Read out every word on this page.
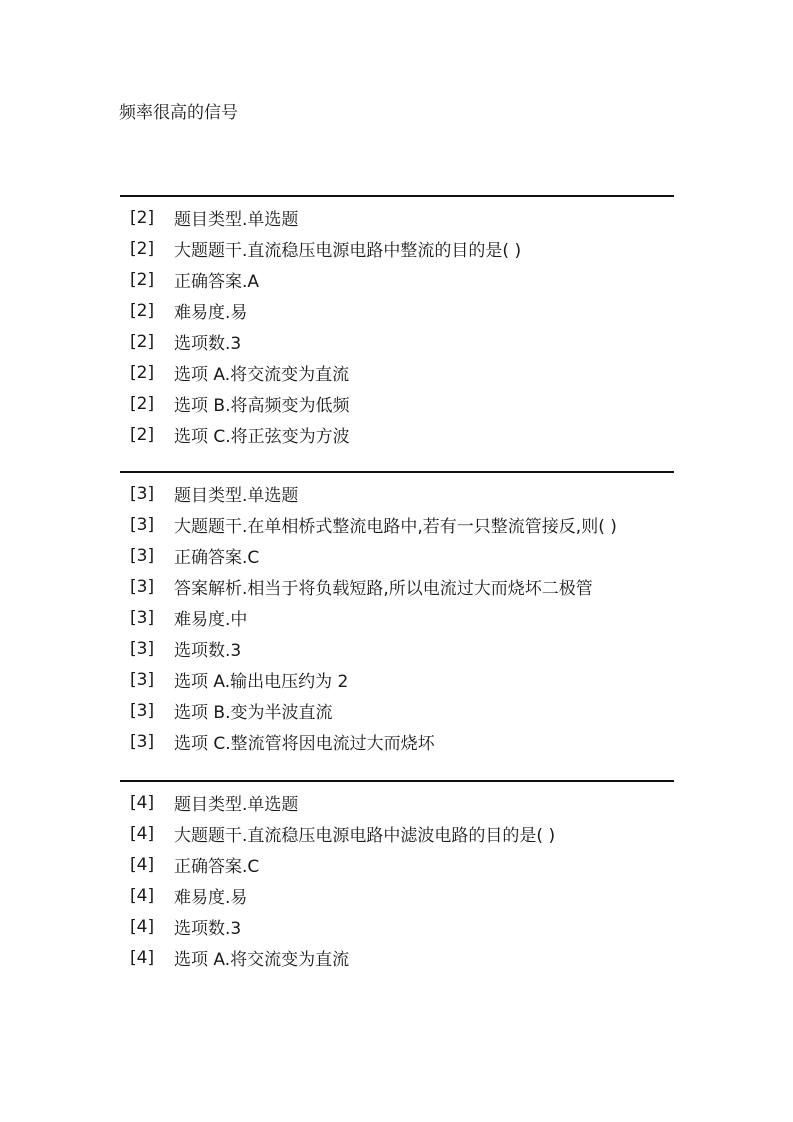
频率很高的信号
[2]	题目类型.单选题
[2]	大题题干.直流稳压电源电路中整流的目的是( )
[2]	正确答案.A
[2]	难易度.易
[2]	选项数.3
[2]	选项 A.将交流变为直流
[2]	选项 B.将高频变为低频
[2]	选项 C.将正弦变为方波
[3]	题目类型.单选题
[3]	大题题干.在单相桥式整流电路中,若有一只整流管接反,则( )
[3]	正确答案.C
[3]	答案解析.相当于将负载短路,所以电流过大而烧坏二极管
[3]	难易度.中
[3]	选项数.3
[3]	选项 A.输出电压约为 2
[3]	选项 B.变为半波直流
[3]	选项 C.整流管将因电流过大而烧坏
[4]	题目类型.单选题
[4]	大题题干.直流稳压电源电路中滤波电路的目的是( )
[4]	正确答案.C
[4]	难易度.易
[4]	选项数.3
[4]	选项 A.将交流变为直流
